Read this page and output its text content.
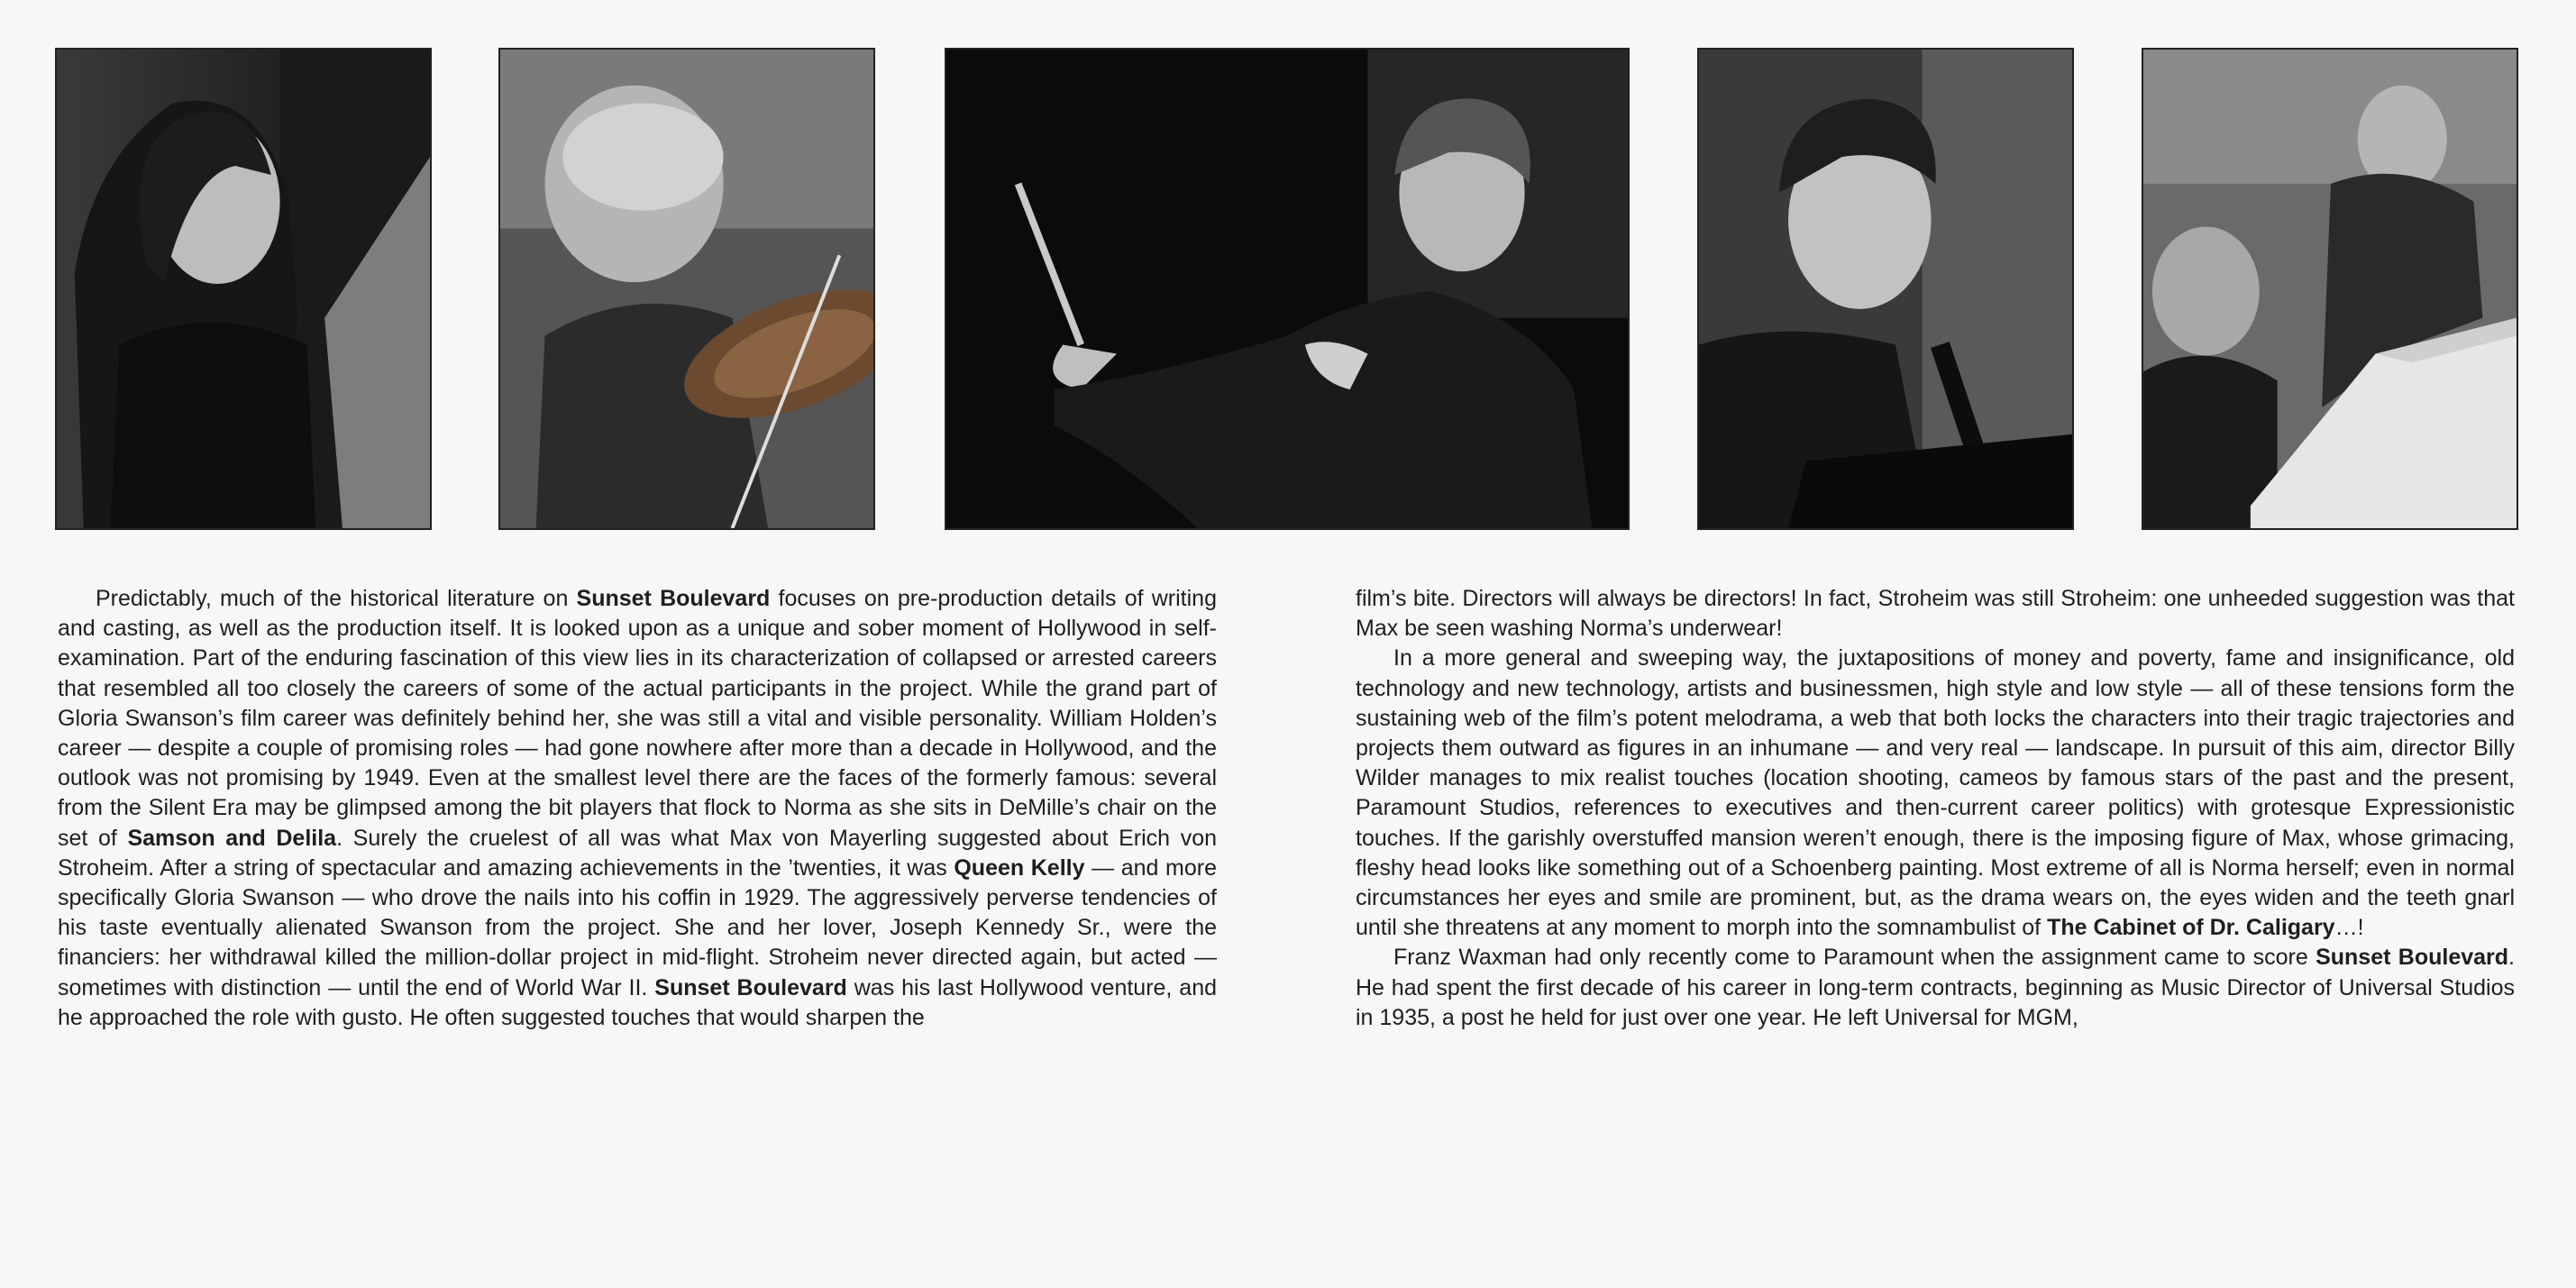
Predictably, much of the historical literature on Sunset Boulevard focuses on pre-production details of writing and casting, as well as the production itself. It is looked upon as a unique and sober moment of Hollywood in self-examination. Part of the enduring fascination of this view lies in its characterization of collapsed or arrested careers that resembled all too closely the careers of some of the actual participants in the project. While the grand part of Gloria Swanson’s film career was definitely behind her, she was still a vital and visible personality. William Holden’s career — despite a couple of promising roles — had gone nowhere after more than a decade in Hollywood, and the outlook was not promising by 1949. Even at the smallest level there are the faces of the formerly famous: several from the Silent Era may be glimpsed among the bit players that flock to Norma as she sits in DeMille’s chair on the set of Samson and Delila. Surely the cruelest of all was what Max von Mayerling suggested about Erich von Stroheim. After a string of spectacular and amazing achievements in the ’twenties, it was Queen Kelly — and more specifically Gloria Swanson — who drove the nails into his coffin in 1929. The aggressively perverse tendencies of his taste eventually alienated Swanson from the project. She and her lover, Joseph Kennedy Sr., were the financiers: her withdrawal killed the million-dollar project in mid-flight. Stroheim never directed again, but acted — sometimes with distinction — until the end of World War II. Sunset Boulevard was his last Hollywood venture, and he approached the role with gusto. He often suggested touches that would sharpen the

film’s bite. Directors will always be directors! In fact, Stroheim was still Stroheim: one unheeded suggestion was that Max be seen washing Norma’s underwear!

In a more general and sweeping way, the juxtapositions of money and poverty, fame and insignificance, old technology and new technology, artists and businessmen, high style and low style — all of these tensions form the sustaining web of the film’s potent melodrama, a web that both locks the characters into their tragic trajectories and projects them outward as figures in an inhumane — and very real — landscape. In pursuit of this aim, director Billy Wilder manages to mix realist touches (location shooting, cameos by famous stars of the past and the present, Paramount Studios, references to executives and then-current career politics) with grotesque Expressionistic touches. If the garishly overstuffed mansion weren’t enough, there is the imposing figure of Max, whose grimacing, fleshy head looks like something out of a Schoenberg painting. Most extreme of all is Norma herself; even in normal circumstances her eyes and smile are prominent, but, as the drama wears on, the eyes widen and the teeth gnarl until she threatens at any moment to morph into the somnambulist of The Cabinet of Dr. Caligary…!

Franz Waxman had only recently come to Paramount when the assignment came to score Sunset Boulevard. He had spent the first decade of his career in long-term contracts, beginning as Music Director of Universal Studios in 1935, a post he held for just over one year. He left Universal for MGM,
